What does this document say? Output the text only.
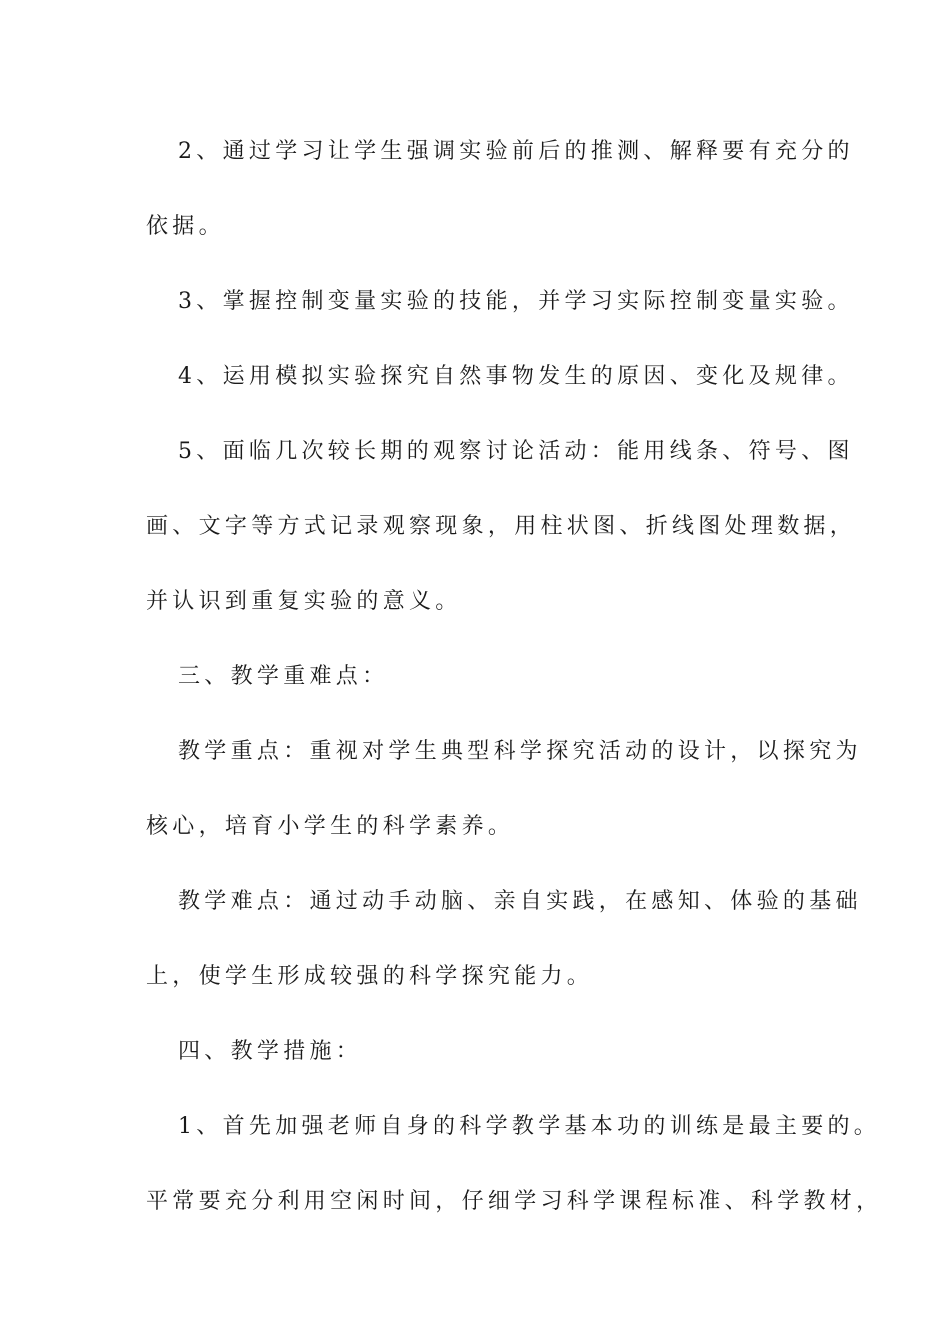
2、通过学习让学生强调实验前后的推测、解释要有充分的
依据。
3、掌握控制变量实验的技能，并学习实际控制变量实验。
4、运用模拟实验探究自然事物发生的原因、变化及规律。
5、面临几次较长期的观察讨论活动：能用线条、符号、图
画、文字等方式记录观察现象，用柱状图、折线图处理数据，
并认识到重复实验的意义。
三、教学重难点：
教学重点：重视对学生典型科学探究活动的设计，以探究为
核心，培育小学生的科学素养。
教学难点：通过动手动脑、亲自实践，在感知、体验的基础
上，使学生形成较强的科学探究能力。
四、教学措施：
1、首先加强老师自身的科学教学基本功的训练是最主要的。
平常要充分利用空闲时间，仔细学习科学课程标准、科学教材，
